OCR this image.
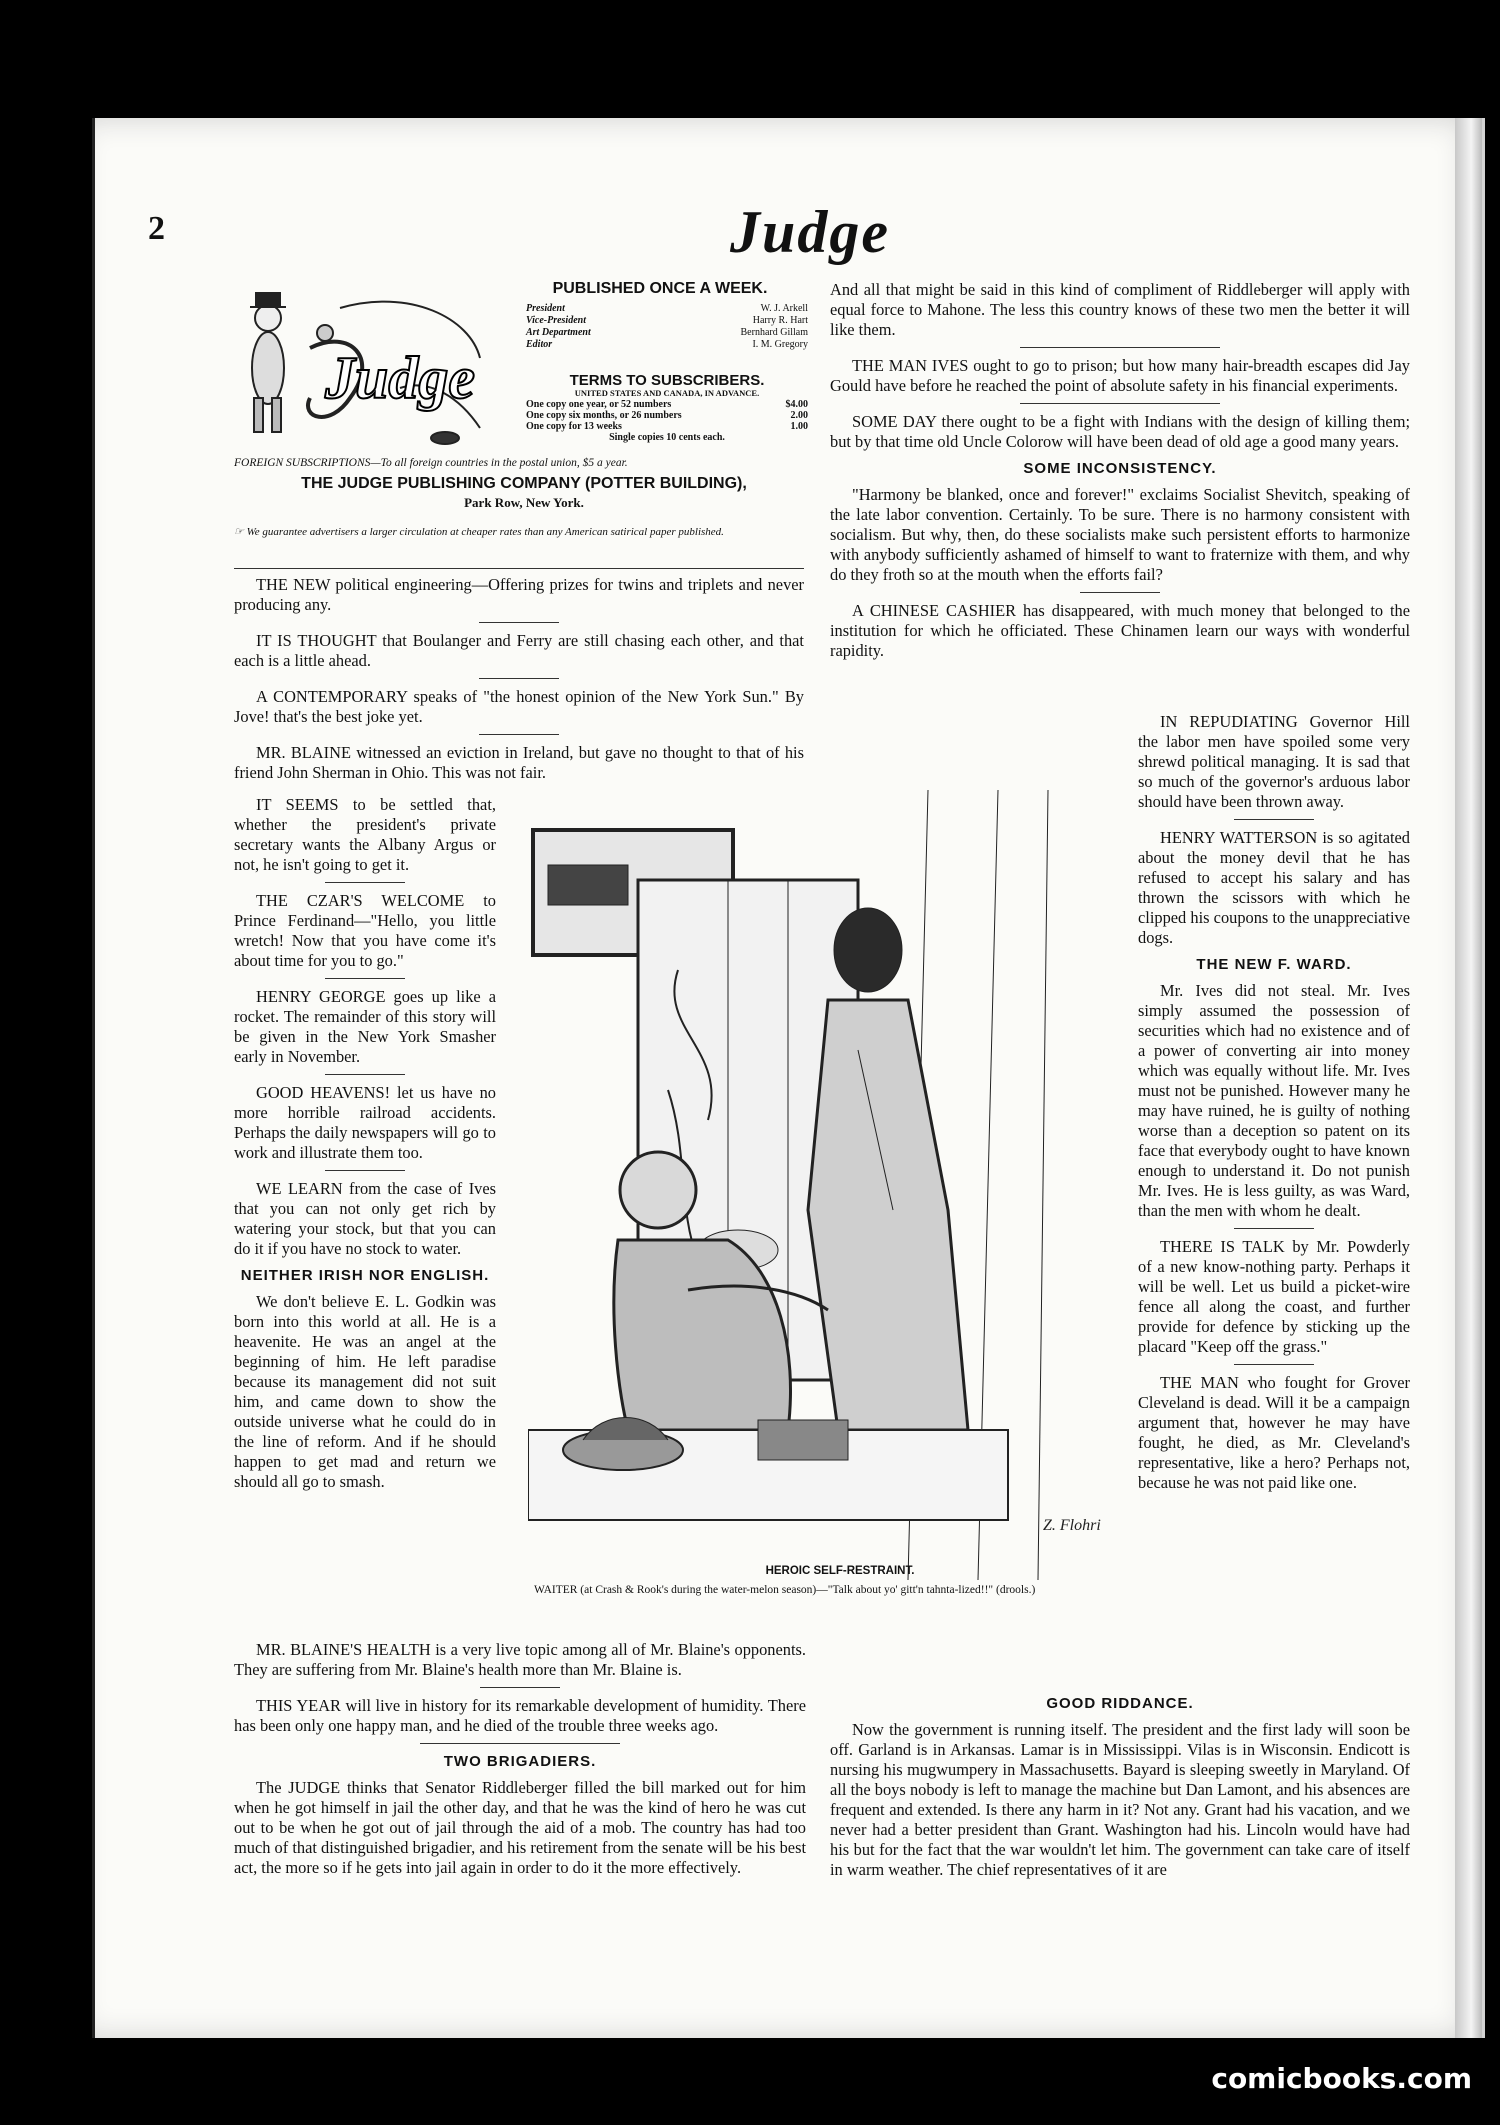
2	Judge
Judge
PUBLISHED ONCE A WEEK.
President	W. J. Arkell
Vice-President	Harry R. Hart
Art Department	Bernhard Gillam
Editor	I. M. Gregory
TERMS TO SUBSCRIBERS.
UNITED STATES AND CANADA, IN ADVANCE.
One copy one year, or 52 numbers	$4.00
One copy six months, or 26 numbers	2.00
One copy for 13 weeks	1.00
Single copies 10 cents each.
FOREIGN SUBSCRIPTIONS—To all foreign countries in the postal union, $5 a year.
THE JUDGE PUBLISHING COMPANY (POTTER BUILDING),
Park Row, New York.
☞ We guarantee advertisers a larger circulation at cheaper rates than any American satirical paper published.

THE NEW political engineering—Offering prizes for twins and triplets and never producing any.

IT IS THOUGHT that Boulanger and Ferry are still chasing each other, and that each is a little ahead.

A CONTEMPORARY speaks of "the honest opinion of the New York Sun." By Jove! that's the best joke yet.

MR. BLAINE witnessed an eviction in Ireland, but gave no thought to that of his friend John Sherman in Ohio. This was not fair.

IT SEEMS to be settled that, whether the president's private secretary wants the Albany Argus or not, he isn't going to get it.

THE CZAR'S WELCOME to Prince Ferdinand—"Hello, you little wretch! Now that you have come it's about time for you to go."

HENRY GEORGE goes up like a rocket. The remainder of this story will be given in the New York Smasher early in November.

GOOD HEAVENS! let us have no more horrible railroad accidents. Perhaps the daily newspapers will go to work and illustrate them too.

WE LEARN from the case of Ives that you can not only get rich by watering your stock, but that you can do it if you have no stock to water.

NEITHER IRISH NOR ENGLISH.

We don't believe E. L. Godkin was born into this world at all. He is a heavenite. He was an angel at the beginning of him. He left paradise because its management did not suit him, and came down to show the outside universe what he could do in the line of reform. And if he should happen to get mad and return we should all go to smash.

Z. Flohri
HEROIC SELF-RESTRAINT.
WAITER (at Crash & Rook's during the water-melon season)—"Talk about yo' gitt'n tahnta-lized!!" (drools.)

MR. BLAINE'S HEALTH is a very live topic among all of Mr. Blaine's opponents. They are suffering from Mr. Blaine's health more than Mr. Blaine is.

THIS YEAR will live in history for its remarkable development of humidity. There has been only one happy man, and he died of the trouble three weeks ago.

TWO BRIGADIERS.

The JUDGE thinks that Senator Riddleberger filled the bill marked out for him when he got himself in jail the other day, and that he was the kind of hero he was cut out to be when he got out of jail through the aid of a mob. The country has had too much of that distinguished brigadier, and his retirement from the senate will be his best act, the more so if he gets into jail again in order to do it the more effectively.

And all that might be said in this kind of compliment of Riddleberger will apply with equal force to Mahone. The less this country knows of these two men the better it will like them.

THE MAN IVES ought to go to prison; but how many hair-breadth escapes did Jay Gould have before he reached the point of absolute safety in his financial experiments.

SOME DAY there ought to be a fight with Indians with the design of killing them; but by that time old Uncle Colorow will have been dead of old age a good many years.

SOME INCONSISTENCY.

"Harmony be blanked, once and forever!" exclaims Socialist Shevitch, speaking of the late labor convention. Certainly. To be sure. There is no harmony consistent with socialism. But why, then, do these socialists make such persistent efforts to harmonize with anybody sufficiently ashamed of himself to want to fraternize with them, and why do they froth so at the mouth when the efforts fail?

A CHINESE CASHIER has disappeared, with much money that belonged to the institution for which he officiated. These Chinamen learn our ways with wonderful rapidity.

IN REPUDIATING Governor Hill the labor men have spoiled some very shrewd political managing. It is sad that so much of the governor's arduous labor should have been thrown away.

HENRY WATTERSON is so agitated about the money devil that he has refused to accept his salary and has thrown the scissors with which he clipped his coupons to the unappreciative dogs.

THE NEW F. WARD.

Mr. Ives did not steal. Mr. Ives simply assumed the possession of securities which had no existence and of a power of converting air into money which was equally without life. Mr. Ives must not be punished. However many he may have ruined, he is guilty of nothing worse than a deception so patent on its face that everybody ought to have known enough to understand it. Do not punish Mr. Ives. He is less guilty, as was Ward, than the men with whom he dealt.

THERE IS TALK by Mr. Powderly of a new know-nothing party. Perhaps it will be well. Let us build a picket-wire fence all along the coast, and further provide for defence by sticking up the placard "Keep off the grass."

THE MAN who fought for Grover Cleveland is dead. Will it be a campaign argument that, however he may have fought, he died, as Mr. Cleveland's representative, like a hero? Perhaps not, because he was not paid like one.

GOOD RIDDANCE.

Now the government is running itself. The president and the first lady will soon be off. Garland is in Arkansas. Lamar is in Mississippi. Vilas is in Wisconsin. Endicott is nursing his mugwumpery in Massachusetts. Bayard is sleeping sweetly in Maryland. Of all the boys nobody is left to manage the machine but Dan Lamont, and his absences are frequent and extended. Is there any harm in it? Not any. Grant had his vacation, and we never had a better president than Grant. Washington had his. Lincoln would have had his but for the fact that the war wouldn't let him. The government can take care of itself in warm weather. The chief representatives of it are

comicbooks.com
